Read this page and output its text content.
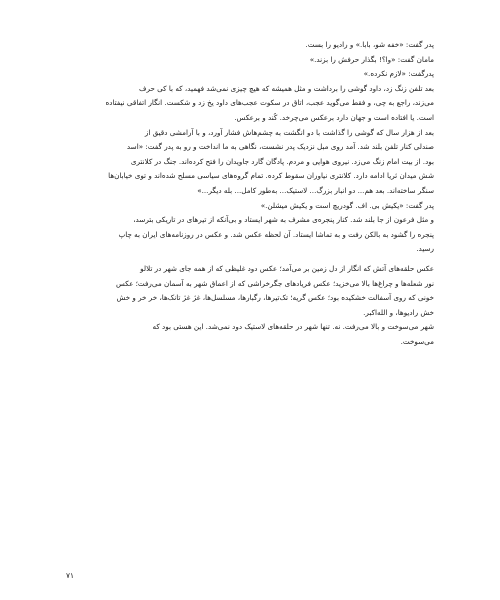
پدر گفت: «خفه شو، بابا.» و رادیو را بست.

مامان گفت: «وا؟! بگذار حرفش را بزند.»

پدرگفت: «لازم نکرده.»

بعد تلفن زنگ زد، داود گوشی را برداشت و مثل همیشه که هیچ چیزی نمی‌شد فهمید، که با کی حرف

می‌زند، راجع به چی، و فقط می‌گوید عجب، اتاق در سکوت عجب‌های داود یخ زد و شکست. انگار اتفاقی نیفتاده

است. یا افتاده است و جهان دارد برعکس می‌چرخد. کُند و برعکس.

بعد از هزار سال که گوشی را گذاشت با دو انگشت به چشم‌هاش فشار آورد، و با آرامشی دقیق از

صندلی کنار تلفن بلند شد. آمد روی مبل نزدیک پدر نشست، نگاهی به ما انداخت و رو به پدر گفت: «اسد

بود. از بیت امام زنگ می‌زد. نیروی هوایی و مردم. پادگان گارد جاویدان را فتح کرده‌اند. جنگ در کلانتری

شش میدان ثریا ادامه دارد. کلانتری نیاوران سقوط کرده. تمام گروه‌های سیاسی مسلح شده‌اند و توی خیابان‌ها

سنگر ساخته‌اند. بعد هم... دو انبار بزرگ... لاستیک... به‌طور کامل... بله دیگر...»

پدر گفت: «یکیش بی. اف. گودریچ است و یکیش میشلن.»

و مثل فرعون از جا بلند شد. کنار پنجره‌ی مشرف به شهر ایستاد و بی‌آنکه از تیرهای در تاریکی بترسد،

پنجره را گشود به بالکن رفت و به تماشا ایستاد. آن لحظه عکس شد. و عکس در روزنامه‌های ایران به چاپ

رسید.

عکس حلقه‌های آتش که انگار از دل زمین بر می‌آمد؛ عکس دود غلیظی که از همه جای شهر در تلالو

نور شعله‌ها و چراغ‌ها بالا می‌خزید؛ عکس فریادهای جگرخراشی که از اعماق شهر به آسمان می‌رفت؛ عکس

خونی که روی آسفالت خشکیده بود؛ عکس گریه؛ تک‌تیرها، رگبارها، مسلسل‌ها، غژ غژ تانک‌ها، خر خر و خش

خش رادیوها، و الله‌اکبر.

شهر می‌سوخت و بالا می‌رفت. نه. تنها شهر در حلقه‌های لاستیک دود نمی‌شد. این هستی بود که

می‌سوخت.

۷۱
